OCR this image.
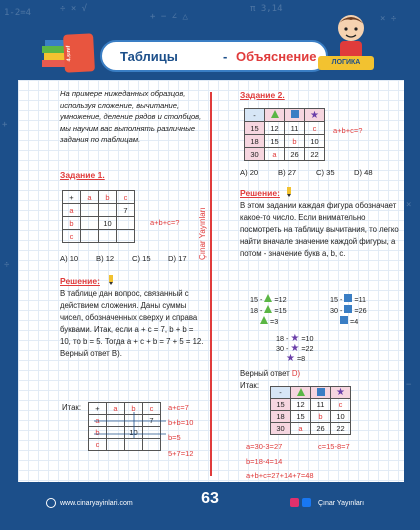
1-2=4	÷ × √
+ − ∠ △
π 3,14
× ÷
+
÷
×
−
4.sınıf	Таблицы	- Объяснение	ЛОГИКА
Çınar Yayınları
На примере нижеданных образцов, используя сложение, вычитание, умножение, деление рядов и столбцов, мы научим вас выполнять различные задания по таблицам.
Задание 1.
+	a	b	c
a			7
b		10	
c			
a+b+c=?
A) 10 B) 12 C) 15 D) 17
Решение:
В таблице дан вопрос, связанный с действием сложения. Даны суммы чисел, обозначенных сверху и справа буквами. Итак, если a + c = 7, b + b = 10, то b = 5. Тогда a + c + b = 7 + 5 = 12. Верный ответ B).
Итак: +	a	b	c
a			7
b		10	
c			
a+c=7
b+b=10
b=5
5+7=12
Задание 2.
-			★
15	12	11	c
18	15	b	10
30	a	26	22
a+b+c=?
A) 20	B) 27	C) 35	D) 48
Решение:
В этом задании каждая фигура обозначает какое-то число. Если внимательно посмотреть на таблицу вычитания, то легко найти вначале значение каждой фигуры, а потом - значение букв a, b, c.
15 - =12
18 - =15
=3
15 - =11
30 - =26
=4
18 - ★ =10
30 - ★ =22
★ =8
Верный ответ D)
Итак:
-			★
15	12	11	c
18	15	b	10
30	a	26	22
a=30-3=27	c=15-8=7
b=18-4=14
a+b+c=27+14+7=48
www.cinaryayinlari.com	63	Çınar Yayınları
